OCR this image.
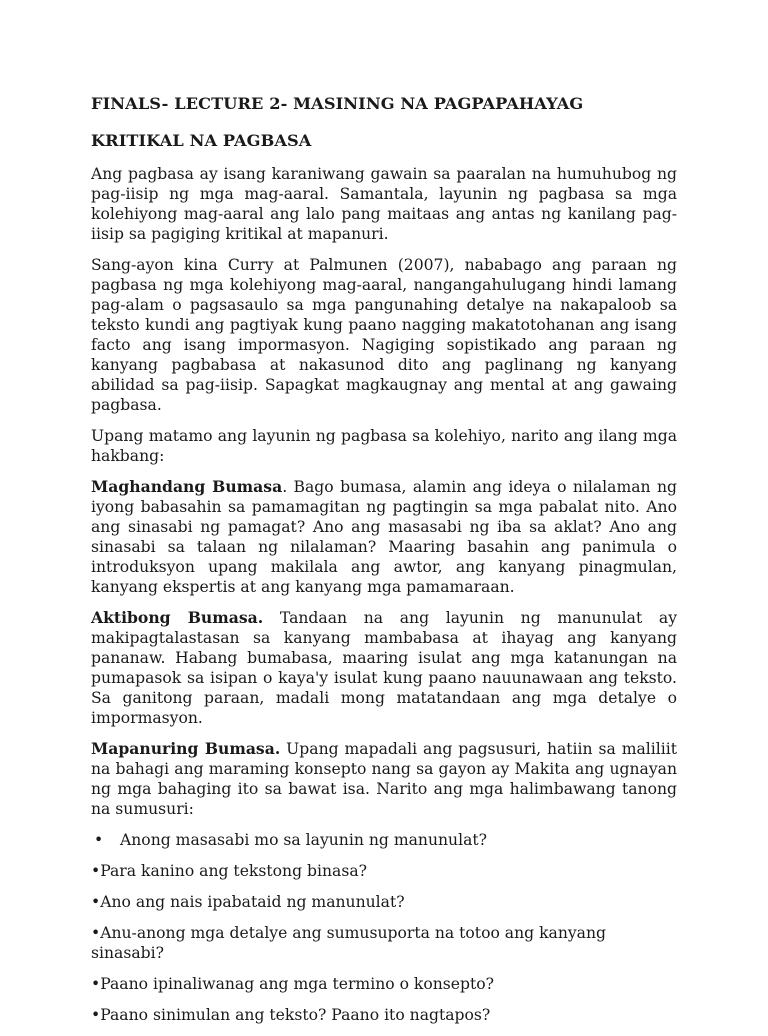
FINALS- LECTURE 2- MASINING NA PAGPAPAHAYAG

KRITIKAL NA PAGBASA

Ang pagbasa ay isang karaniwang gawain sa paaralan na humuhubog ng pag-iisip ng mga mag-aaral. Samantala, layunin ng pagbasa sa mga kolehiyong mag-aaral ang lalo pang maitaas ang antas ng kanilang pag- iisip sa pagiging kritikal at mapanuri.

Sang-ayon kina Curry at Palmunen (2007), nababago ang paraan ng pagbasa ng mga kolehiyong mag-aaral, nangangahulugang hindi lamang pag-alam o pagsasaulo sa mga pangunahing detalye na nakapaloob sa teksto kundi ang pagtiyak kung paano nagging makatotohanan ang isang facto ang isang impormasyon. Nagiging sopistikado ang paraan ng kanyang pagbabasa at nakasunod dito ang paglinang ng kanyang abilidad sa pag-iisip. Sapagkat magkaugnay ang mental at ang gawaing pagbasa.

Upang matamo ang layunin ng pagbasa sa kolehiyo, narito ang ilang mga hakbang:

Maghandang Bumasa. Bago bumasa, alamin ang ideya o nilalaman ng iyong babasahin sa pamamagitan ng pagtingin sa mga pabalat nito. Ano ang sinasabi ng pamagat? Ano ang masasabi ng iba sa aklat? Ano ang sinasabi sa talaan ng nilalaman? Maaring basahin ang panimula o introduksyon upang makilala ang awtor, ang kanyang pinagmulan, kanyang ekspertis at ang kanyang mga pamamaraan.

Aktibong Bumasa. Tandaan na ang layunin ng manunulat ay makipagtalastasan sa kanyang mambabasa at ihayag ang kanyang pananaw. Habang bumabasa, maaring isulat ang mga katanungan na pumapasok sa isipan o kaya'y isulat kung paano nauunawaan ang teksto. Sa ganitong paraan, madali mong matatandaan ang mga detalye o impormasyon.

Mapanuring Bumasa. Upang mapadali ang pagsusuri, hatiin sa maliliit na bahagi ang maraming konsepto nang sa gayon ay Makita ang ugnayan ng mga bahaging ito sa bawat isa. Narito ang mga halimbawang tanong na sumusuri:

•	Anong masasabi mo sa layunin ng manunulat?

•Para kanino ang tekstong binasa?

•Ano ang nais ipabatаid ng manunulat?

•Anu-anong mga detalye ang sumusuporta na totoo ang kanyang sinasabi?

•Paano ipinaliwanag ang mga termino o konsepto?

•Paano sinimulan ang teksto? Paano ito nagtapos?
